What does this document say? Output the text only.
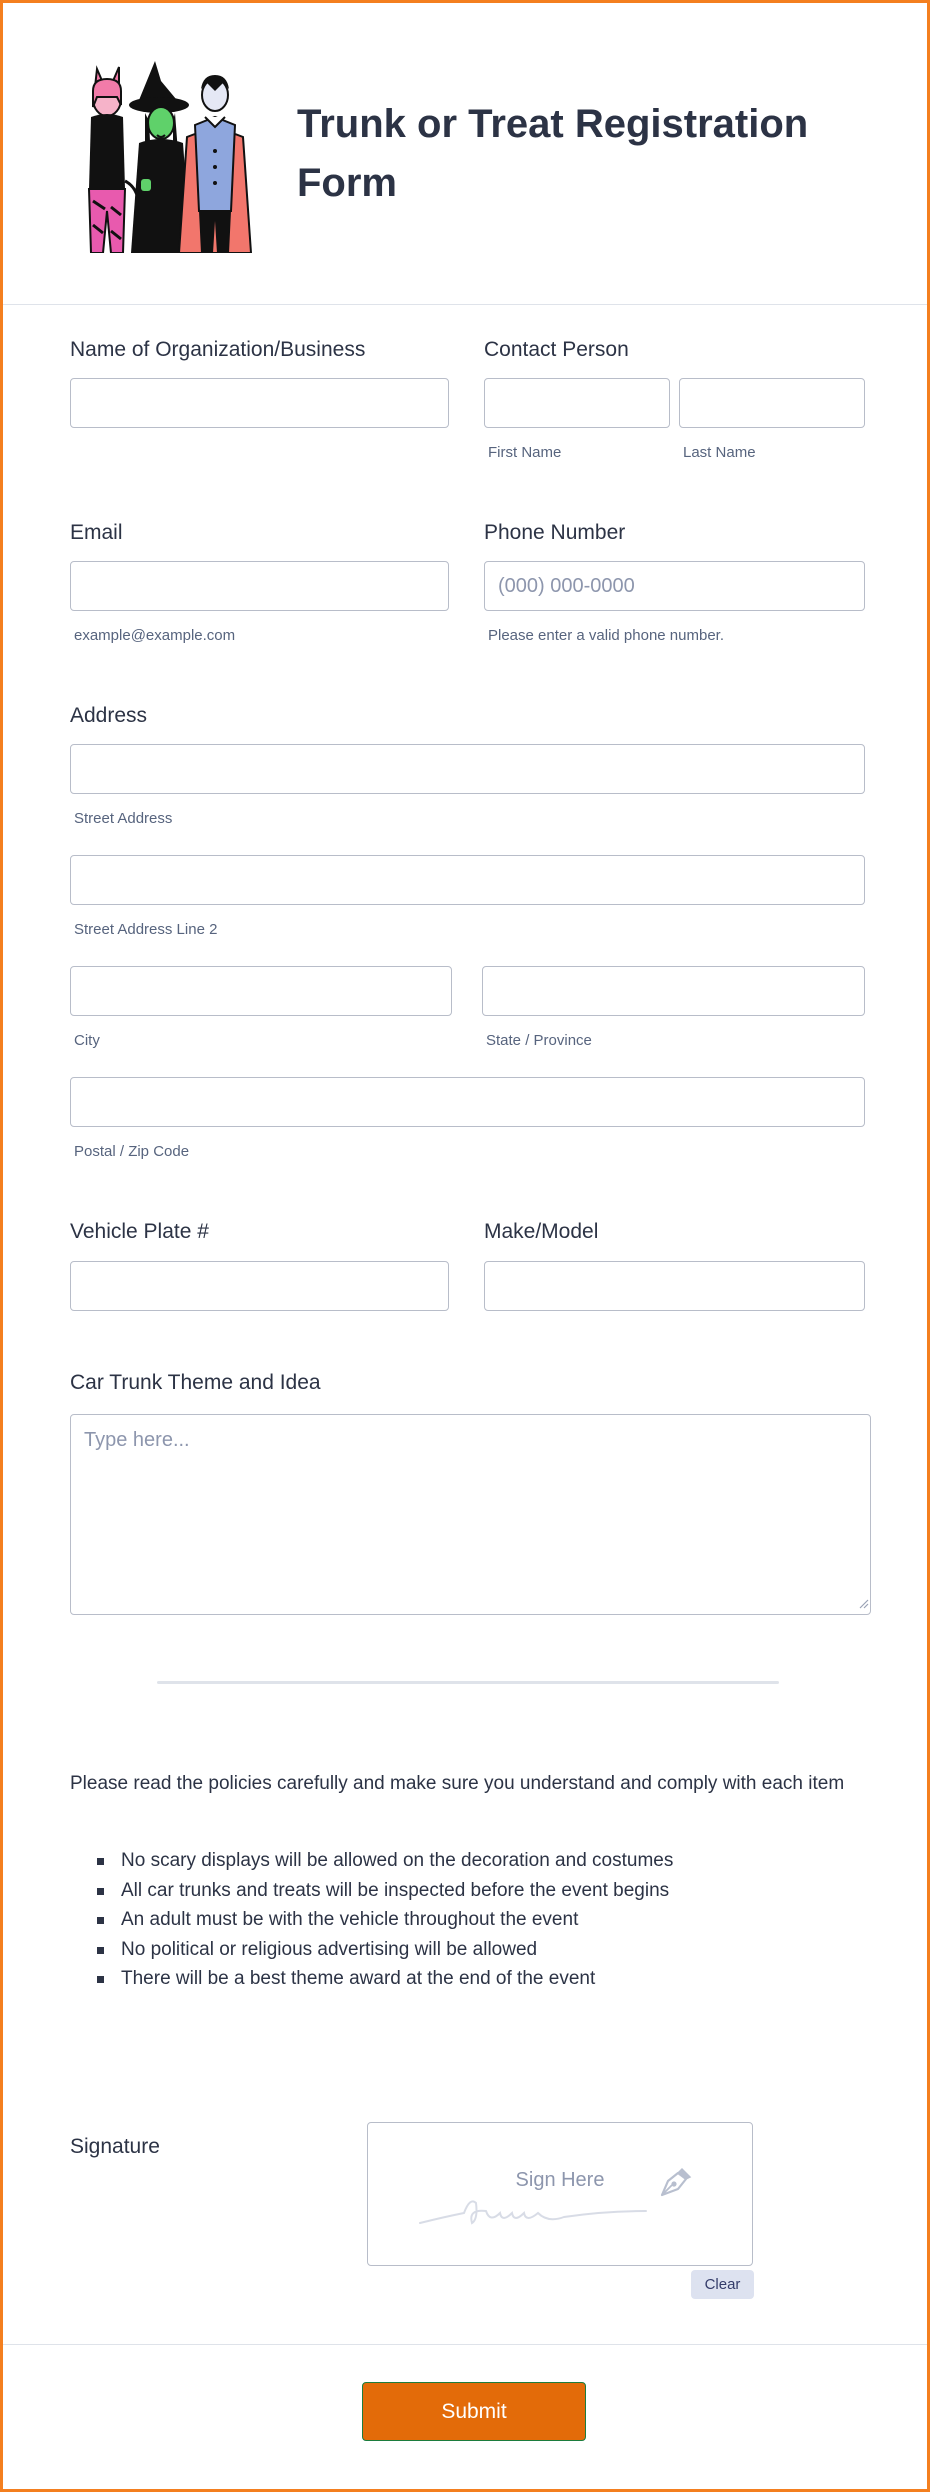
Trunk or Treat Registration Form
Name of Organization/Business	Contact Person
First Name	Last Name
Email
example@example.com
Phone Number
(000) 000-0000
Please enter a valid phone number.
Address
Street Address
Street Address Line 2
City	State / Province
Postal / Zip Code
Vehicle Plate #	Make/Model
Car Trunk Theme and Idea
Type here...
Please read the policies carefully and make sure you understand and comply with each item
No scary displays will be allowed on the decoration and costumes
All car trunks and treats will be inspected before the event begins
An adult must be with the vehicle throughout the event
No political or religious advertising will be allowed
There will be a best theme award at the end of the event
Signature
Sign Here
Clear
Submit
